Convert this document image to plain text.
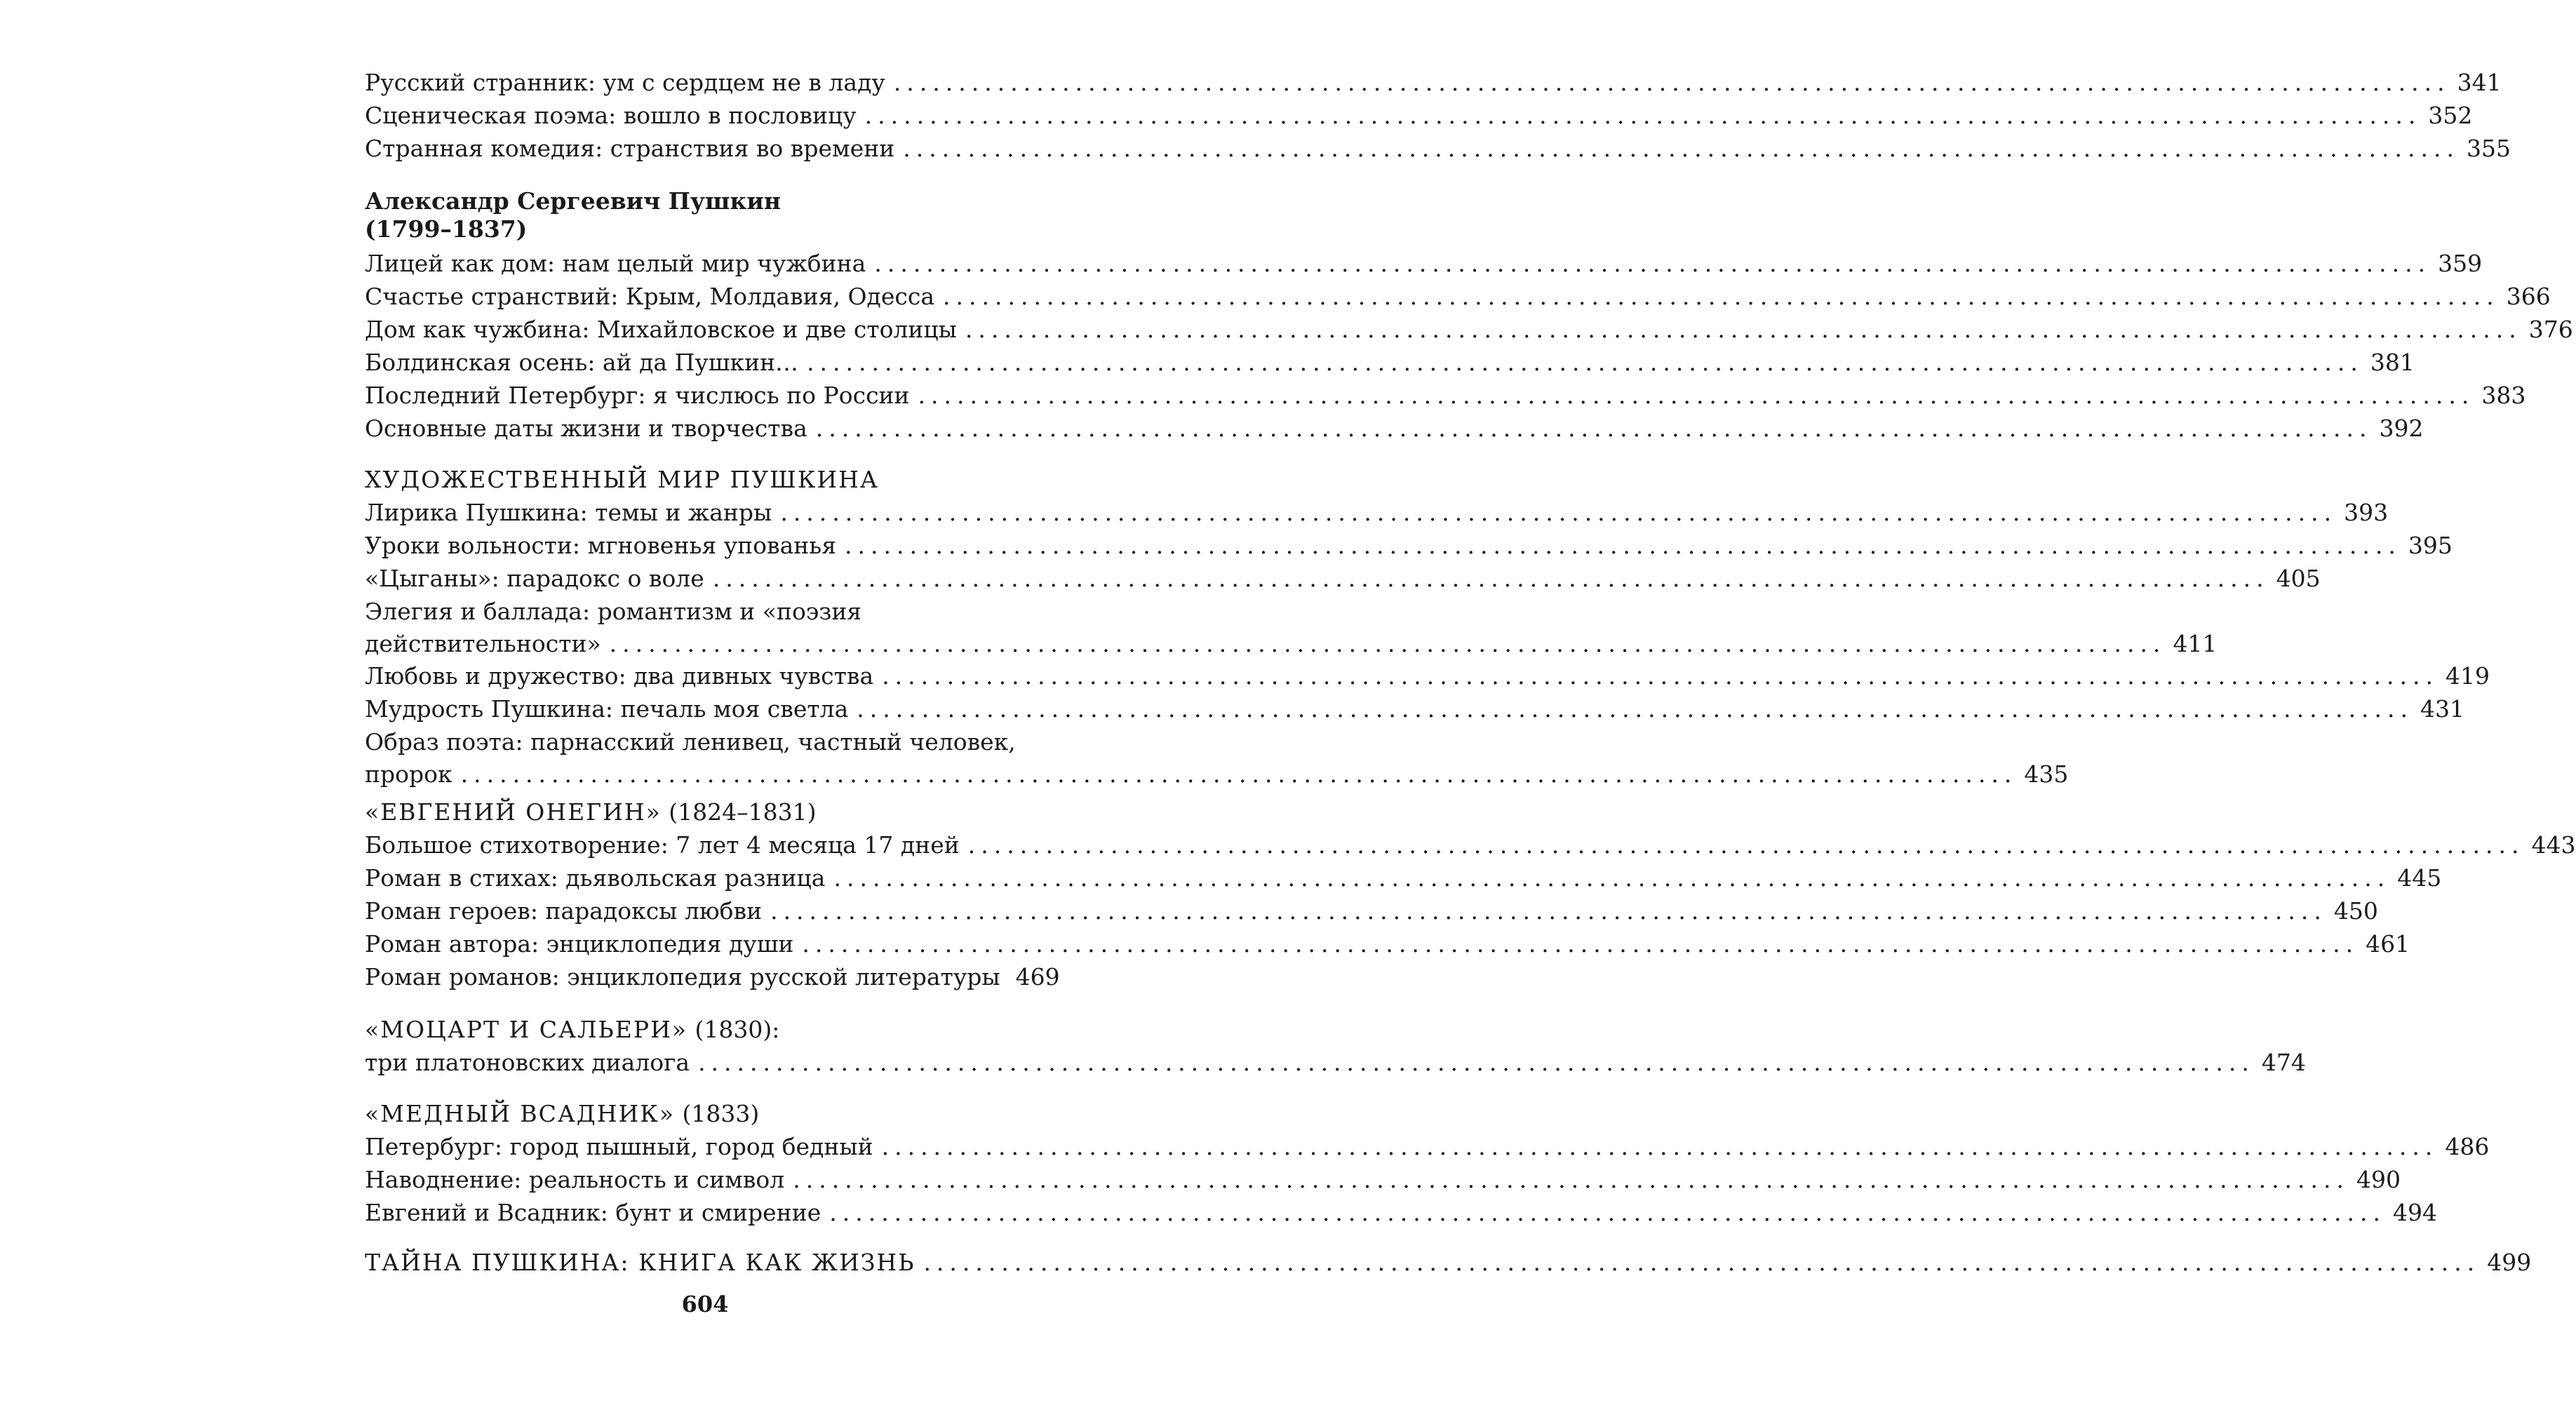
Русский странник: ум с сердцем не в ладу ........................................................................................................................ 341
Сценическая поэма: вошло в пословицу ........................................................................................................................ 352
Странная комедия: странствия во времени ........................................................................................................................ 355
Александр Сергеевич Пушкин
(1799–1837)
Лицей как дом: нам целый мир чужбина ........................................................................................................................ 359
Счастье странствий: Крым, Молдавия, Одесса ........................................................................................................................ 366
Дом как чужбина: Михайловское и две столицы ........................................................................................................................ 376
Болдинская осень: ай да Пушкин… ........................................................................................................................ 381
Последний Петербург: я числюсь по России ........................................................................................................................ 383
Основные даты жизни и творчества ........................................................................................................................ 392
ХУДОЖЕСТВЕННЫЙ МИР ПУШКИНА
Лирика Пушкина: темы и жанры ........................................................................................................................ 393
Уроки вольности: мгновенья упованья ........................................................................................................................ 395
«Цыганы»: парадокс о воле ........................................................................................................................ 405
Элегия и баллада: романтизм и «поэзия
действительности» ........................................................................................................................ 411
Любовь и дружество: два дивных чувства ........................................................................................................................ 419
Мудрость Пушкина: печаль моя светла ........................................................................................................................ 431
Образ поэта: парнасский ленивец, частный человек,
пророк ........................................................................................................................ 435
«ЕВГЕНИЙ ОНЕГИН» (1824–1831)
Большое стихотворение: 7 лет 4 месяца 17 дней ........................................................................................................................ 443
Роман в стихах: дьявольская разница ........................................................................................................................ 445
Роман героев: парадоксы любви ........................................................................................................................ 450
Роман автора: энциклопедия души ........................................................................................................................ 461
Роман романов: энциклопедия русской литературы 469
«МОЦАРТ И САЛЬЕРИ» (1830):
три платоновских диалога ........................................................................................................................ 474
«МЕДНЫЙ ВСАДНИК» (1833)
Петербург: город пышный, город бедный ........................................................................................................................ 486
Наводнение: реальность и символ ........................................................................................................................ 490
Евгений и Всадник: бунт и смирение ........................................................................................................................ 494
ТАЙНА ПУШКИНА: КНИГА КАК ЖИЗНЬ ........................................................................................................................ 499
604
